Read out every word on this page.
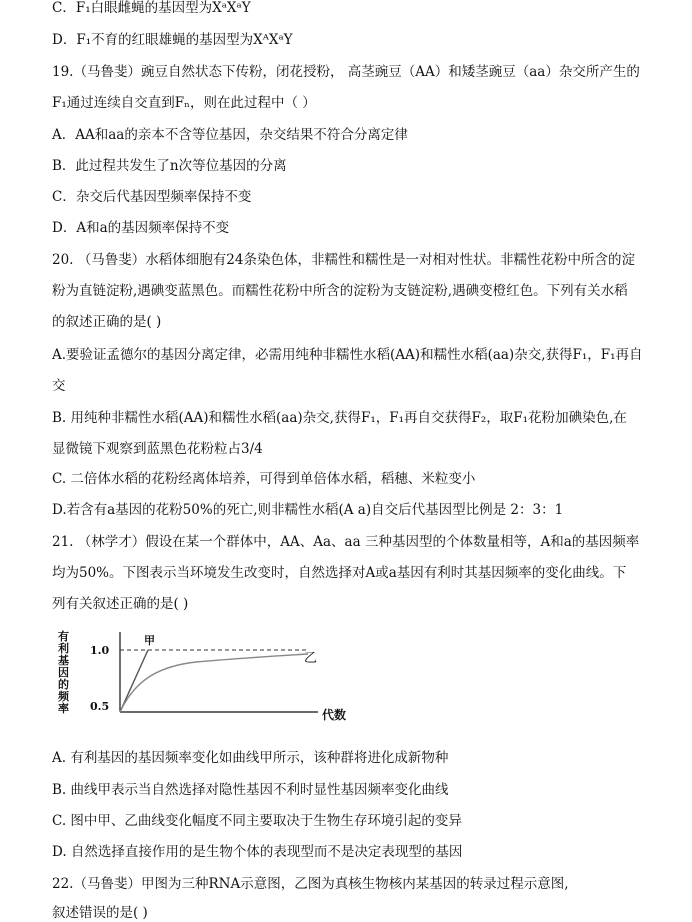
C．F₁白眼雌蝇的基因型为XᵃXᵃY
D．F₁不育的红眼雄蝇的基因型为XᴬXᵃY
19.（马鲁斐）豌豆自然状态下传粉，闭花授粉， 高茎豌豆（AA）和矮茎豌豆（aa）杂交所产生的
F₁通过连续自交直到Fₙ，则在此过程中（ ）
A．AA和aa的亲本不含等位基因，杂交结果不符合分离定律
B．此过程共发生了n次等位基因的分离
C．杂交后代基因型频率保持不变
D．A和a的基因频率保持不变
20. （马鲁斐）水稻体细胞有24条染色体，非糯性和糯性是一对相对性状。非糯性花粉中所含的淀
粉为直链淀粉,遇碘变蓝黑色。而糯性花粉中所含的淀粉为支链淀粉,遇碘变橙红色。下列有关水稻
的叙述正确的是( )
A.要验证孟德尔的基因分离定律，必需用纯种非糯性水稻(AA)和糯性水稻(aa)杂交,获得F₁，F₁再自
交
B. 用纯种非糯性水稻(AA)和糯性水稻(aa)杂交,获得F₁，F₁再自交获得F₂，取F₁花粉加碘染色,在
显微镜下观察到蓝黑色花粉粒占3/4
C. 二倍体水稻的花粉经离体培养，可得到单倍体水稻，稻穗、米粒变小
D.若含有a基因的花粉50%的死亡,则非糯性水稻(A a)自交后代基因型比例是 2：3：1
21. （林学才）假设在某一个群体中，AA、Aa、aa 三种基因型的个体数量相等，A和a的基因频率
均为50%。下图表示当环境发生改变时，自然选择对A或a基因有利时其基因频率的变化曲线。下
列有关叙述正确的是( )
有
利
基
因
的
频
率
1.0
0.5
甲
乙
代数
A. 有利基因的基因频率变化如曲线甲所示，该种群将进化成新物种
B. 曲线甲表示当自然选择对隐性基因不利时显性基因频率变化曲线
C. 图中甲、乙曲线变化幅度不同主要取决于生物生存环境引起的变异
D. 自然选择直接作用的是生物个体的表现型而不是决定表现型的基因
22.（马鲁斐）甲图为三种RNA示意图，乙图为真核生物核内某基因的转录过程示意图,
叙述错误的是( )
